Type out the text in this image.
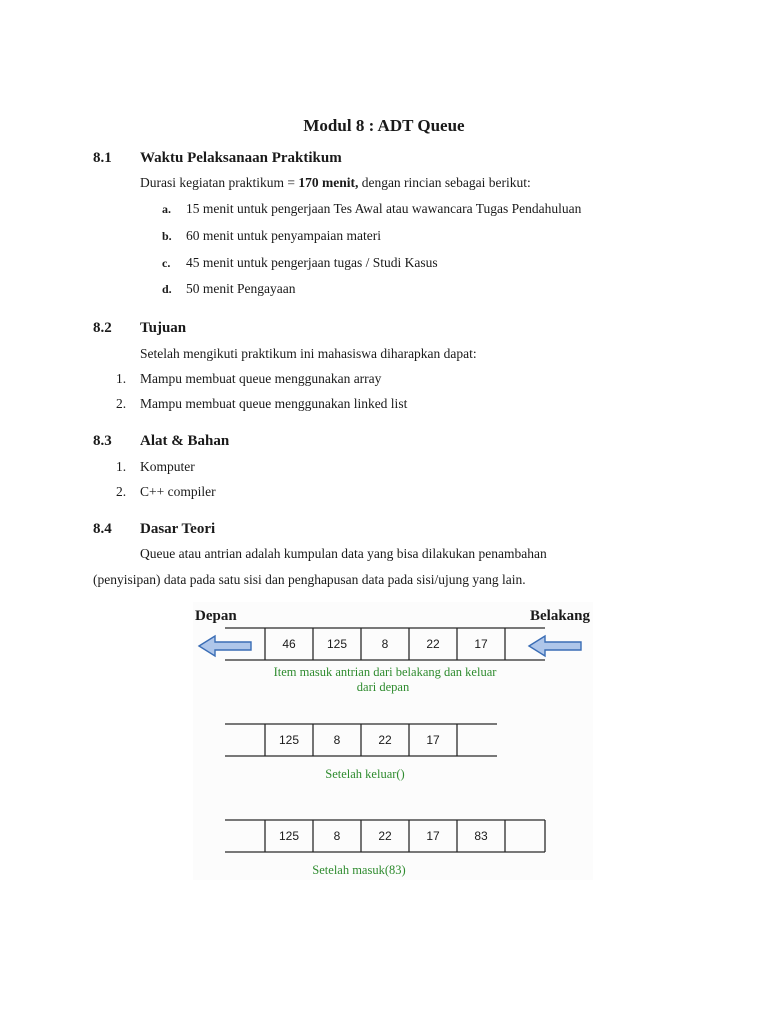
Modul 8 : ADT Queue
8.1 Waktu Pelaksanaan Praktikum
Durasi kegiatan praktikum = 170 menit, dengan rincian sebagai berikut:
a. 15 menit untuk pengerjaan Tes Awal atau wawancara Tugas Pendahuluan
b. 60 menit untuk penyampaian materi
c. 45 menit untuk pengerjaan tugas / Studi Kasus
d. 50 menit Pengayaan
8.2 Tujuan
Setelah mengikuti praktikum ini mahasiswa diharapkan dapat:
1. Mampu membuat queue menggunakan array
2. Mampu membuat queue menggunakan linked list
8.3 Alat & Bahan
1. Komputer
2. C++ compiler
8.4 Dasar Teori
Queue atau antrian adalah kumpulan data yang bisa dilakukan penambahan
(penyisipan) data pada satu sisi dan penghapusan data pada sisi/ujung yang lain.
Depan	Belakang
46	125	8	22	17
Item masuk antrian dari belakang dan keluar
dari depan
125	8	22	17
Setelah keluar()
125	8	22	17	83
Setelah masuk(83)
